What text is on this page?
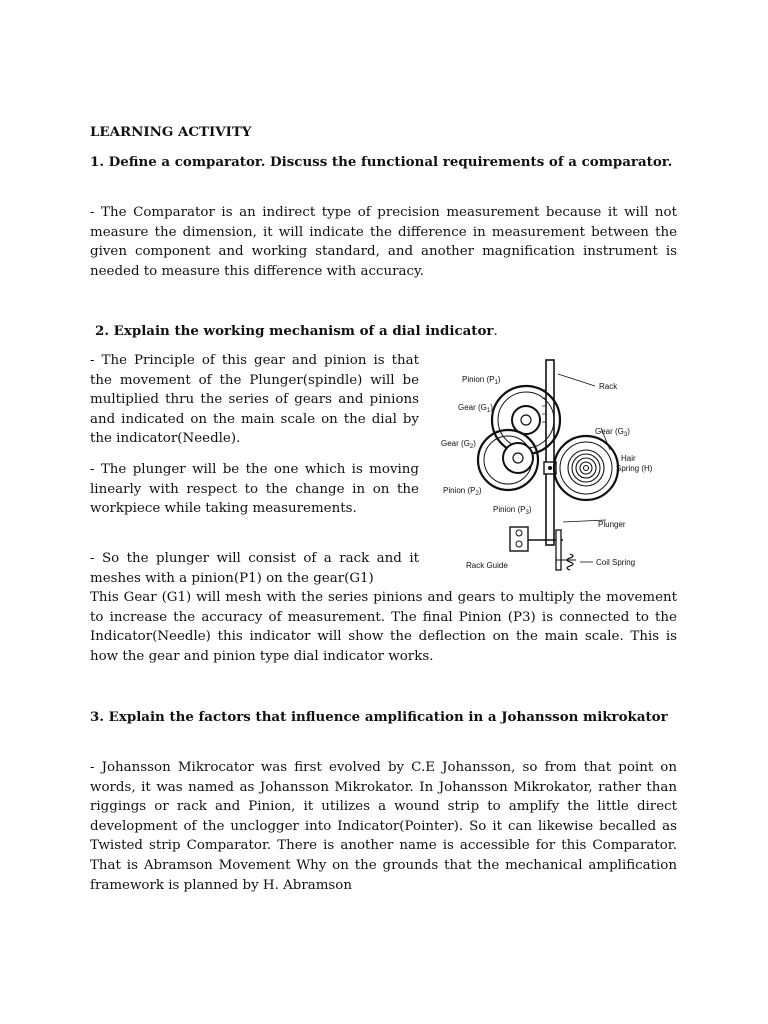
LEARNING ACTIVITY

1. Define a comparator. Discuss the functional requirements of a comparator.

- The Comparator is an indirect type of precision measurement because it will not measure the dimension, it will indicate the difference in measurement between the given component and working standard, and another magnification instrument is needed to measure this difference with accuracy.

2. Explain the working mechanism of a dial indicator.

- The Principle of this gear and pinion is that the movement of the Plunger(spindle) will be multiplied thru the series of gears and pinions and indicated on the main scale on the dial by the indicator(Needle).

- The plunger will be the one which is moving linearly with respect to the change in on the workpiece while taking measurements.

- So the plunger will consist of a rack and it meshes with a pinion(P1) on the gear(G1)

This Gear (G1) will mesh with the series pinions and gears to multiply the movement to increase the accuracy of measurement. The final Pinion (P3) is connected to the Indicator(Needle) this indicator will show the deflection on the main scale. This is how the gear and pinion type dial indicator works.

Pinion $(P_1)$
Rack
Gear $(G_1)$
Gear $(G_3)$
Gear $(G_2)$
Hair
Spring (H)
Pinion $(P_2)$
Pinion $(P_3)$
Plunger
Rack Guide	Coil Spring

3. Explain the factors that influence amplification in a Johansson mikrokator

- Johansson Mikrocator was first evolved by C.E Johansson, so from that point on words, it was named as Johansson Mikrokator. In Johansson Mikrokator, rather than riggings or rack and Pinion, it utilizes a wound strip to amplify the little direct development of the unclogger into Indicator(Pointer). So it can likewise becalled as Twisted strip Comparator. There is another name is accessible for this Comparator. That is Abramson Movement Why on the grounds that the mechanical amplification framework is planned by H. Abramson
